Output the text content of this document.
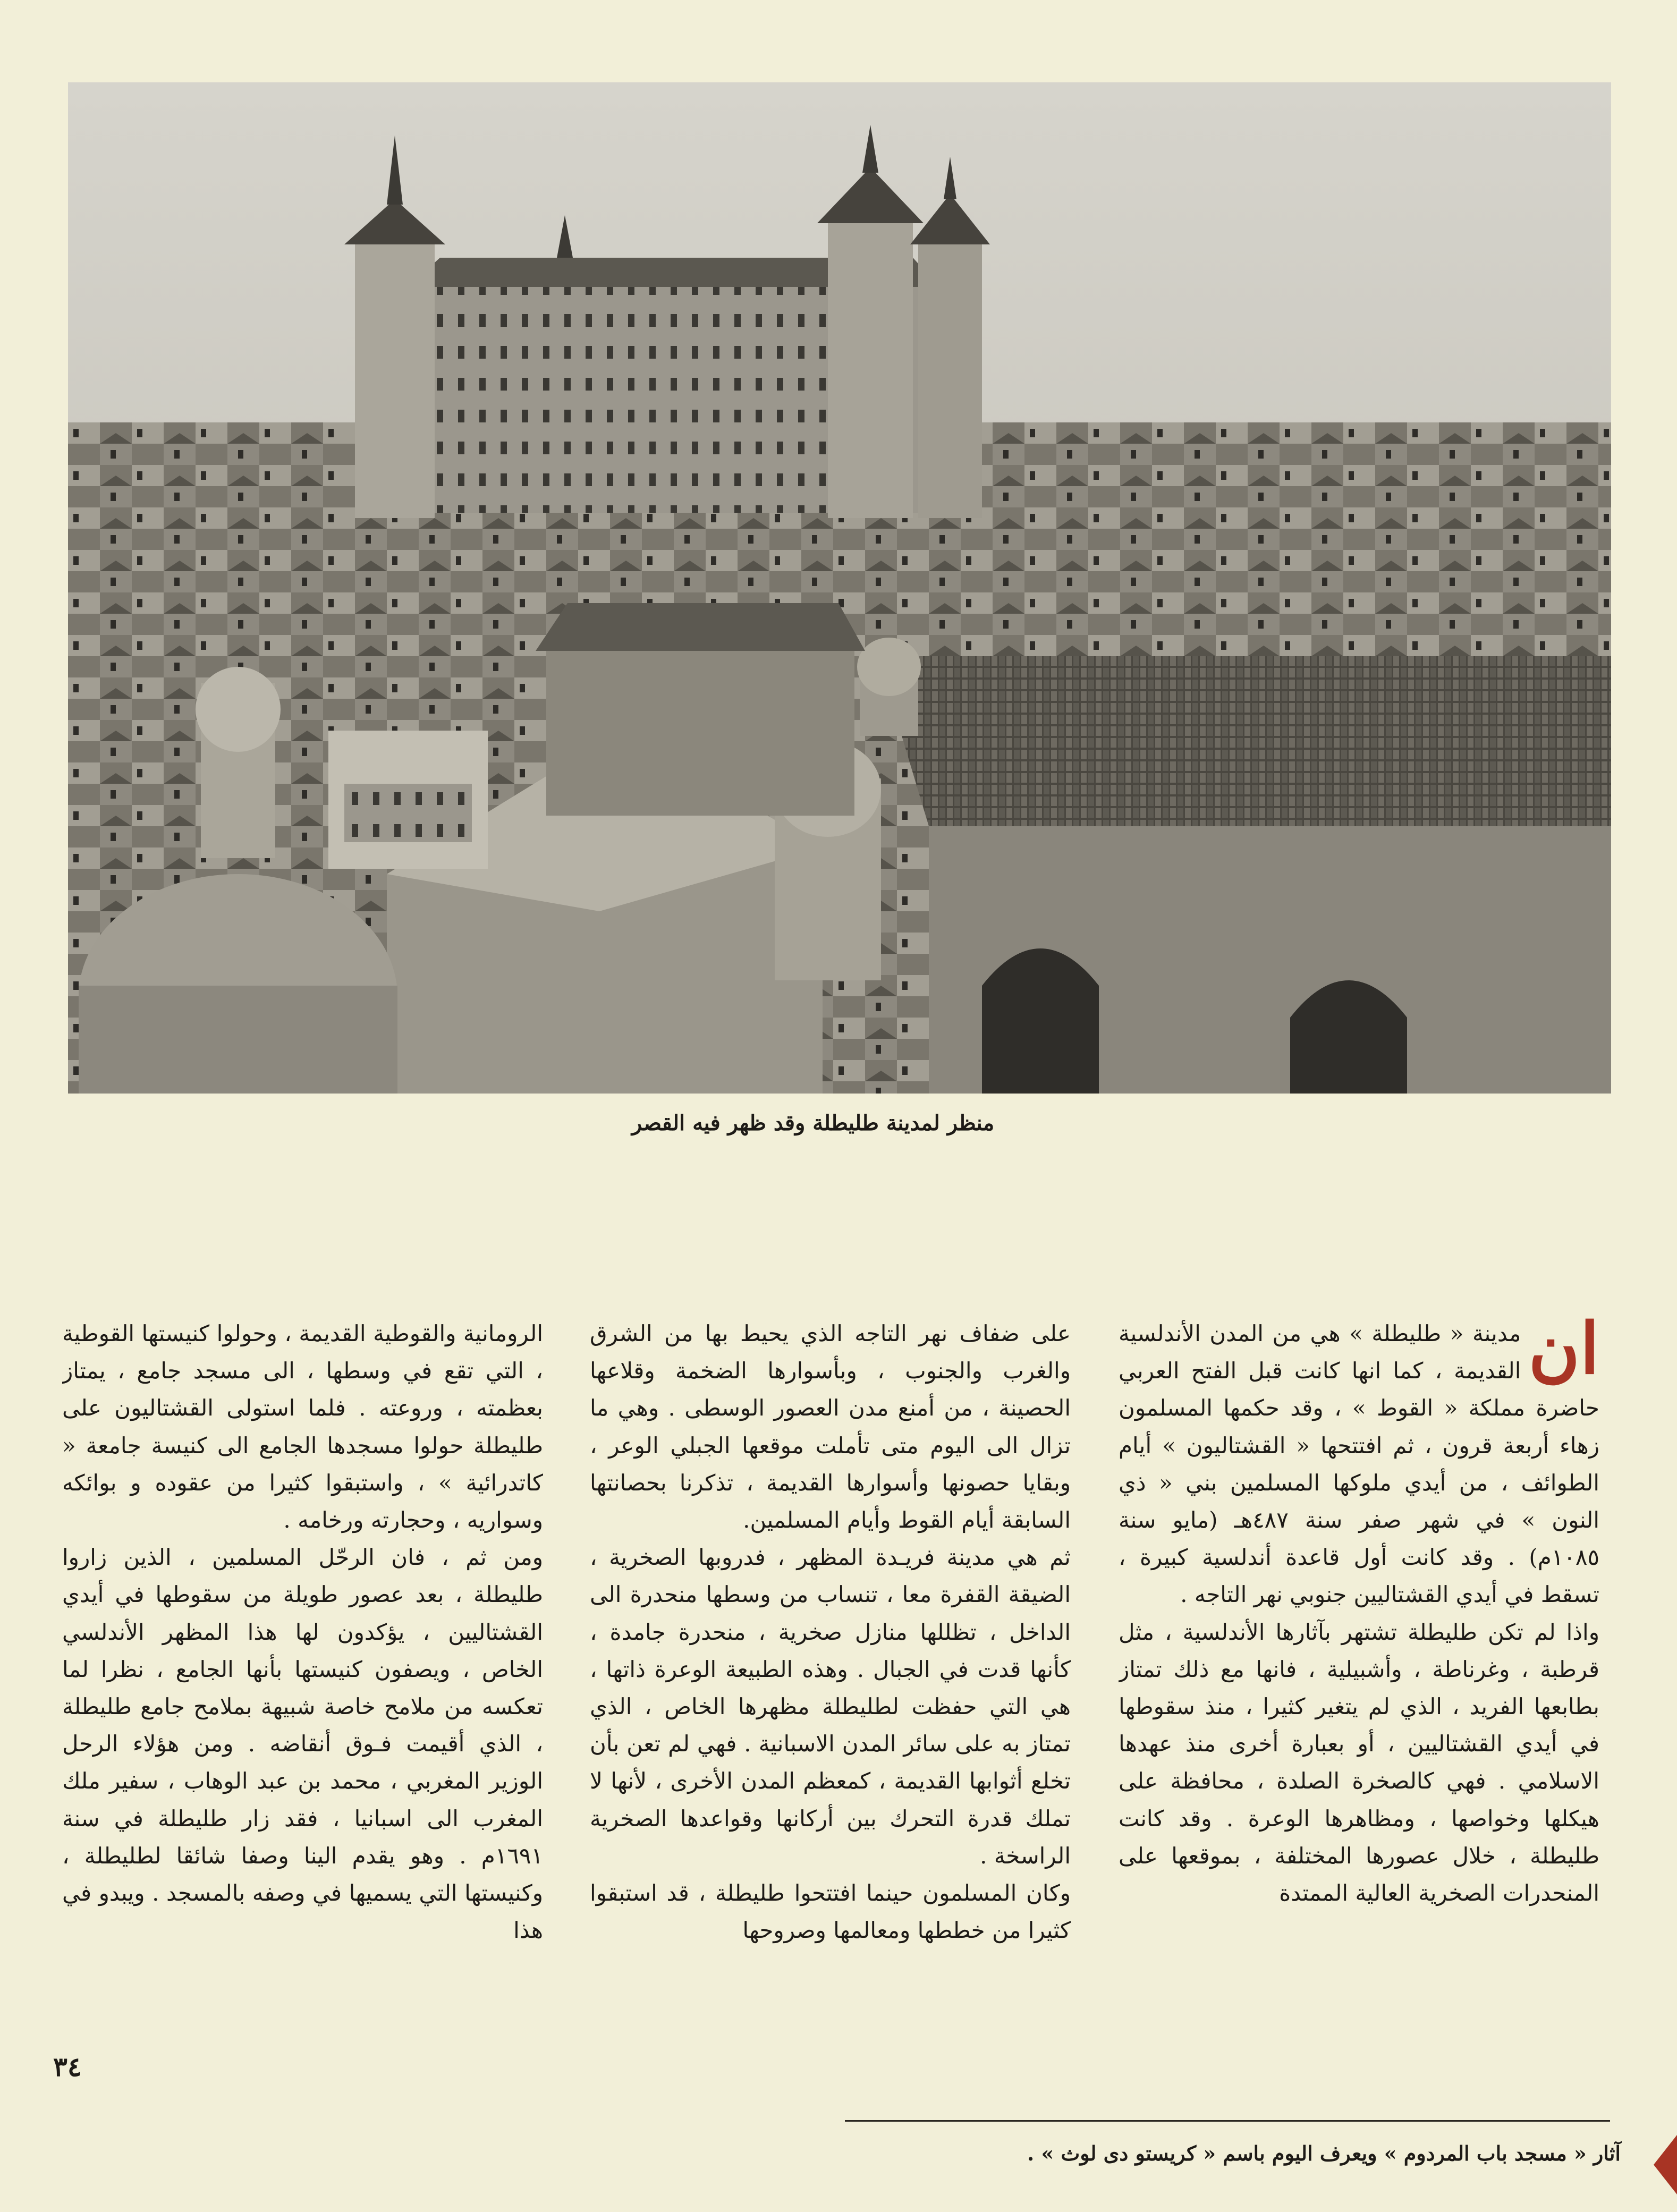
منظر لمدينة طليطلة وقد ظهر فيه القصر
ان

مدينة « طليطلة » هي من المدن الأندلسية القديمة ، كما انها كانت قبل الفتح العربي حاضرة مملكة « القوط » ، وقد حكمها المسلمون زهاء أربعة قرون ، ثم افتتحها « القشتاليون » أيام الطوائف ، من أيدي ملوكها المسلمين بني « ذي النون » في شهر صفر سنة ٤٨٧هـ (مايو سنة ١٠٨٥م) . وقد كانت أول قاعدة أندلسية كبيرة ، تسقط في أيدي القشتاليين جنوبي نهر التاجه .

واذا لم تكن طليطلة تشتهر بآثارها الأندلسية ، مثل قرطبة ، وغرناطة ، وأشبيلية ، فانها مع ذلك تمتاز بطابعها الفريد ، الذي لم يتغير كثيرا ، منذ سقوطها في أيدي القشتاليين ، أو بعبارة أخرى منذ عهدها الاسلامي . فهي كالصخرة الصلدة ، محافظة على هيكلها وخواصها ، ومظاهرها الوعرة . وقد كانت طليطلة ، خلال عصورها المختلفة ، بموقعها على المنحدرات الصخرية العالية الممتدة

على ضفاف نهر التاجه الذي يحيط بها من الشرق والغرب والجنوب ، وبأسوارها الضخمة وقلاعها الحصينة ، من أمنع مدن العصور الوسطى . وهي ما تزال الى اليوم متى تأملت موقعها الجبلي الوعر ، وبقايا حصونها وأسوارها القديمة ، تذكرنا بحصانتها السابقة أيام القوط وأيام المسلمين.

ثم هي مدينة فريـدة المظهر ، فدروبها الصخرية ، الضيقة القفرة معا ، تنساب من وسطها منحدرة الى الداخل ، تظللها منازل صخرية ، منحدرة جامدة ، كأنها قدت في الجبال . وهذه الطبيعة الوعرة ذاتها ، هي التي حفظت لطليطلة مظهرها الخاص ، الذي تمتاز به على سائر المدن الاسبانية . فهي لم تعن بأن تخلع أثوابها القديمة ، كمعظم المدن الأخرى ، لأنها لا تملك قدرة التحرك بين أركانها وقواعدها الصخرية الراسخة .

وكان المسلمون حينما افتتحوا طليطلة ، قد استبقوا كثيرا من خططها ومعالمها وصروحها

الرومانية والقوطية القديمة ، وحولوا كنيستها القوطية ، التي تقع في وسطها ، الى مسجد جامع ، يمتاز بعظمته ، وروعته . فلما استولى القشتاليون على طليطلة حولوا مسجدها الجامع الى كنيسة جامعة « كاتدرائية » ، واستبقوا كثيرا من عقوده و بوائكه وسواريه ، وحجارته ورخامه .

ومن ثم ، فان الرحّل المسلمين ، الذين زاروا طليطلة ، بعد عصور طويلة من سقوطها في أيدي القشتاليين ، يؤكدون لها هذا المظهر الأندلسي الخاص ، ويصفون كنيستها بأنها الجامع ، نظرا لما تعكسه من ملامح خاصة شبيهة بملامح جامع طليطلة ، الذي أقيمت فـوق أنقاضه . ومن هؤلاء الرحل الوزير المغربي ، محمد بن عبد الوهاب ، سفير ملك المغرب الى اسبانيا ، فقد زار طليطلة في سنة ١٦٩١م . وهو يقدم الينا وصفا شائقا لطليطلة ، وكنيستها التي يسميها في وصفه بالمسجد . ويبدو في هذا

٣٤
آثار « مسجد باب المردوم » ويعرف اليوم باسم « كريستو دى لوث » .
